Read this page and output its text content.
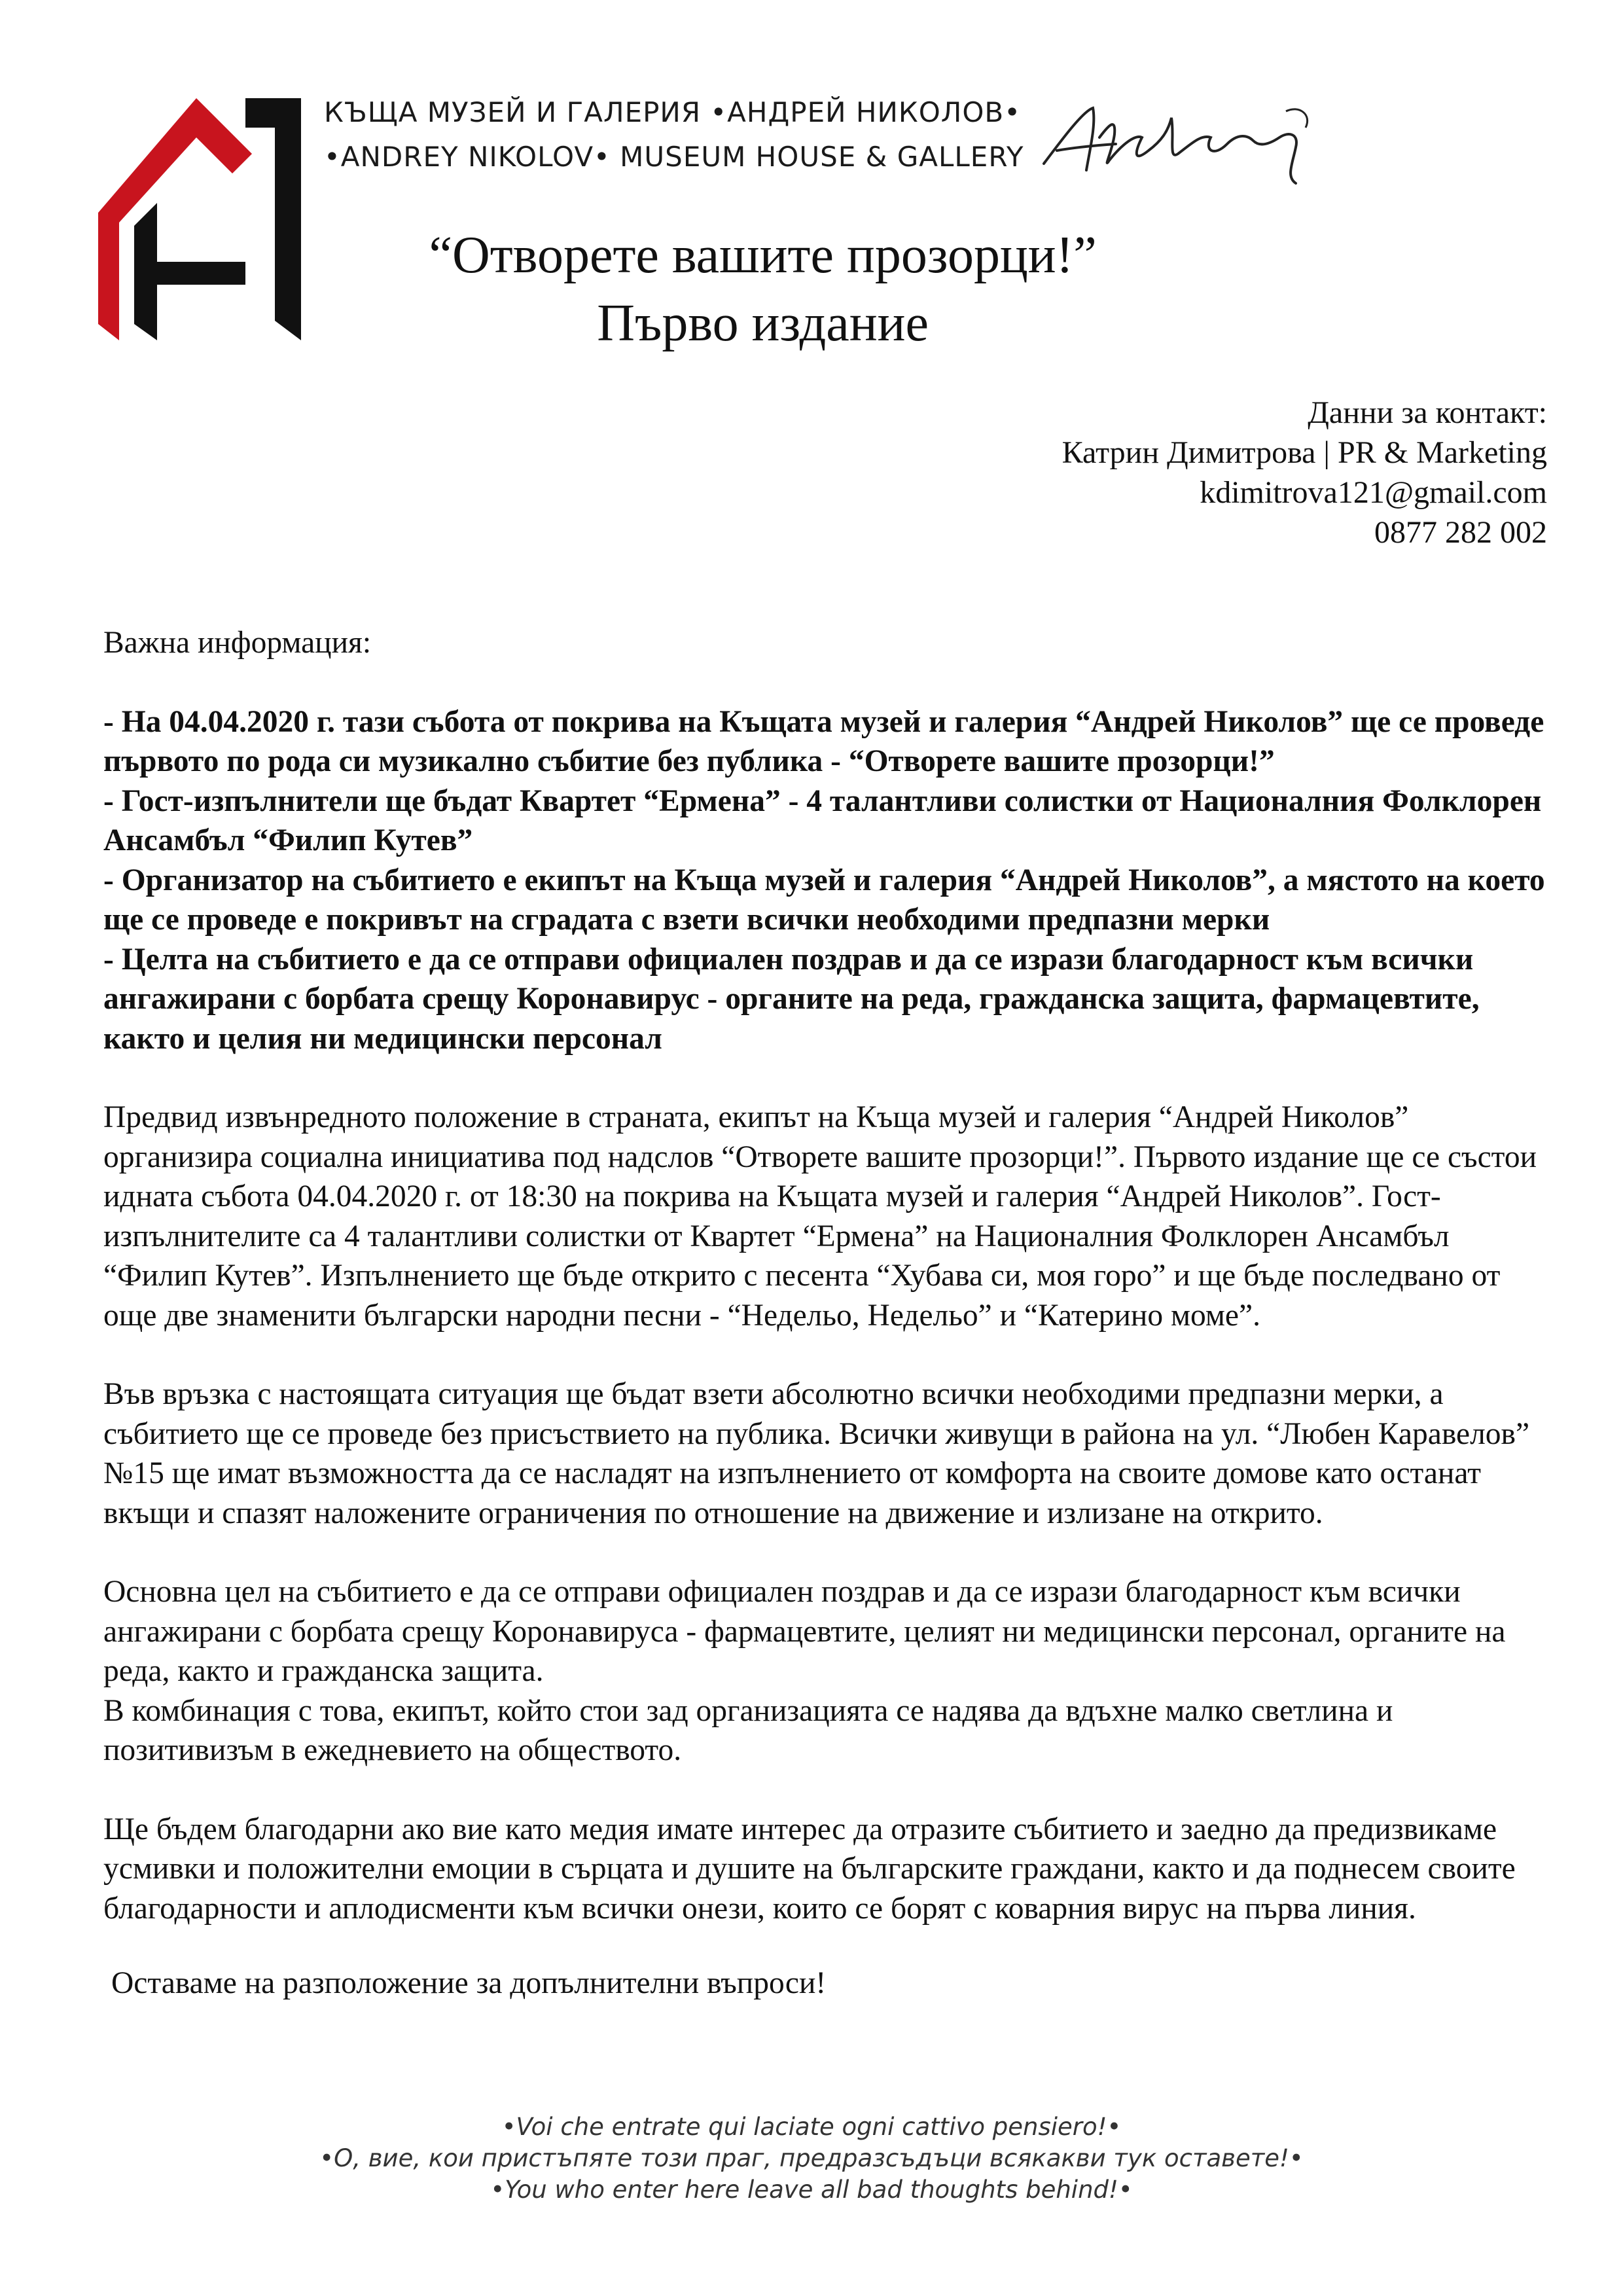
КЪЩА МУЗЕЙ И ГАЛЕРИЯ •АНДРЕЙ НИКОЛОВ•
•ANDREY NIKOLOV• MUSEUM HOUSE & GALLERY
“Отворете вашите прозорци!”
Първо издание
Данни за контакт:
Катрин Димитрова | PR & Marketing
kdimitrova121@gmail.com
0877 282 002

Важна информация:

- На 04.04.2020 г. тази събота от покрива на Къщата музей и галерия “Андрей Николов” ще се проведе първото по рода си музикално събитие без публика - “Отворете вашите прозорци!”

- Гост-изпълнители ще бъдат Квартет “Ермена” - 4 талантливи солистки от Националния Фолклорен Ансамбъл “Филип Кутев”

- Организатор на събитието е екипът на Къща музей и галерия “Андрей Николов”, а мястото на което ще се проведе е покривът на сградата с взети всички необходими предпазни мерки

- Целта на събитието е да се отправи официален поздрав и да се изрази благодарност към всички ангажирани с борбата срещу Коронавирус - органите на реда, гражданска защита, фармацевтите, както и целия ни медицински персонал

Предвид извънредното положение в страната, екипът на Къща музей и галерия “Андрей Николов” организира социална инициатива под надслов “Отворете вашите прозорци!”. Първото издание ще се състои идната събота 04.04.2020 г. от 18:30 на покрива на Къщата музей и галерия “Андрей Николов”. Гост-изпълнителите са 4 талантливи солистки от Квартет “Ермена” на Националния Фолклорен Ансамбъл “Филип Кутев”. Изпълнението ще бъде открито с песента “Хубава си, моя горо” и ще бъде последвано от още две знаменити български народни песни - “Недельо, Недельо” и “Катерино моме”.

Във връзка с настоящата ситуация ще бъдат взети абсолютно всички необходими предпазни мерки, а събитието ще се проведе без присъствието на публика. Всички живущи в района на ул. “Любен Каравелов” №15 ще имат възможността да се насладят на изпълнението от комфорта на своите домове като останат вкъщи и спазят наложените ограничения по отношение на движение и излизане на открито.

Основна цел на събитието е да се отправи официален поздрав и да се изрази благодарност към всички ангажирани с борбата срещу Коронавируса - фармацевтите, целият ни медицински персонал, органите на реда, както и гражданска защита.

В комбинация с това, екипът, който стои зад организацията се надява да вдъхне малко светлина и позитивизъм в ежедневието на обществото.

Ще бъдем благодарни ако вие като медия имате интерес да отразите събитието и заедно да предизвикаме усмивки и положителни емоции в сърцата и душите на българските граждани, както и да поднесем своите благодарности и аплодисменти към всички онези, които се борят с коварния вирус на първа линия.

Оставаме на разположение за допълнителни въпроси!

•Voi che entrate qui laciate ogni cattivo pensiero!•
•О, вие, кои пристъпяте този праг, предразсъдъци всякакви тук оставете!•
•You who enter here leave all bad thoughts behind!•
